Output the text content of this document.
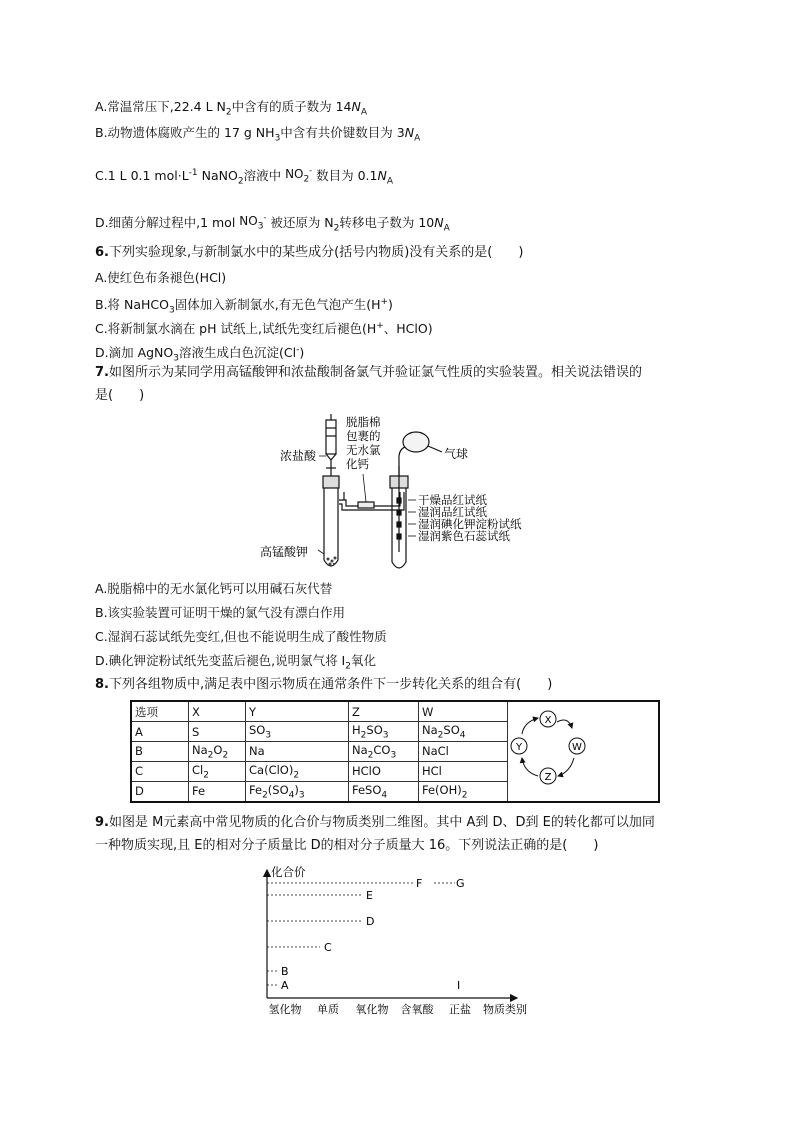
A.常温常压下,22.4 L $N_2$中含有的质子数为 $14N_A$
B.动物遗体腐败产生的 17 g $NH_3$中含有共价键数目为 $3N_A$
C.1 L 0.1 $mol\cdot L^{-1}$ NaNO$_2$溶液中 $NO_2^-$ 数目为 $0.1N_A$
D.细菌分解过程中,1 mol $NO_3^-$ 被还原为 $N_2$转移电子数为 $10N_A$
6.下列实验现象,与新制氯水中的某些成分(括号内物质)没有关系的是(　　)
A.使红色布条褪色(HCl)
B.将 NaHCO$_3$固体加入新制氯水,有无色气泡产生(H+)
C.将新制氯水滴在 pH 试纸上,试纸先变红后褪色(H+、HClO)
D.滴加 AgNO$_3$溶液生成白色沉淀(Cl-)
7.如图所示为某同学用高锰酸钾和浓盐酸制备氯气并验证氯气性质的实验装置。相关说法错误的
是(　　)
浓盐酸
脱脂棉
包裹的
无水氯
化钙
气球
高锰酸钾
干燥品红试纸
湿润品红试纸
湿润碘化钾淀粉试纸
湿润紫色石蕊试纸
A.脱脂棉中的无水氯化钙可以用碱石灰代替
B.该实验装置可证明干燥的氯气没有漂白作用
C.湿润石蕊试纸先变红,但也不能说明生成了酸性物质
D.碘化钾淀粉试纸先变蓝后褪色,说明氯气将 $I_2$氧化
8.下列各组物质中,满足表中图示物质在通常条件下一步转化关系的组合有(　　)
选项	X	Y	Z	W	X
W
Z
Y

A	S	$SO_3$	$H_2SO_3$	$Na_2SO_4$
B	$Na_2O_2$	Na	$Na_2CO_3$	NaCl	
C	$Cl_2$	$Ca(ClO)_2$	HClO	HCl	
D	Fe	$Fe_2(SO_4)_3$	FeSO$_4$	$Fe(OH)_2$
9.如图是 M元素高中常见物质的化合价与物质类别二维图。其中 A到 D、D到 E的转化都可以加同
一种物质实现,且 E的相对分子质量比 D的相对分子质量大 16。下列说法正确的是(　　)
化合价
F	G
E
D
C
B
A	I
氢化物 单质 氧化物 含氧酸 正盐 物质类别
